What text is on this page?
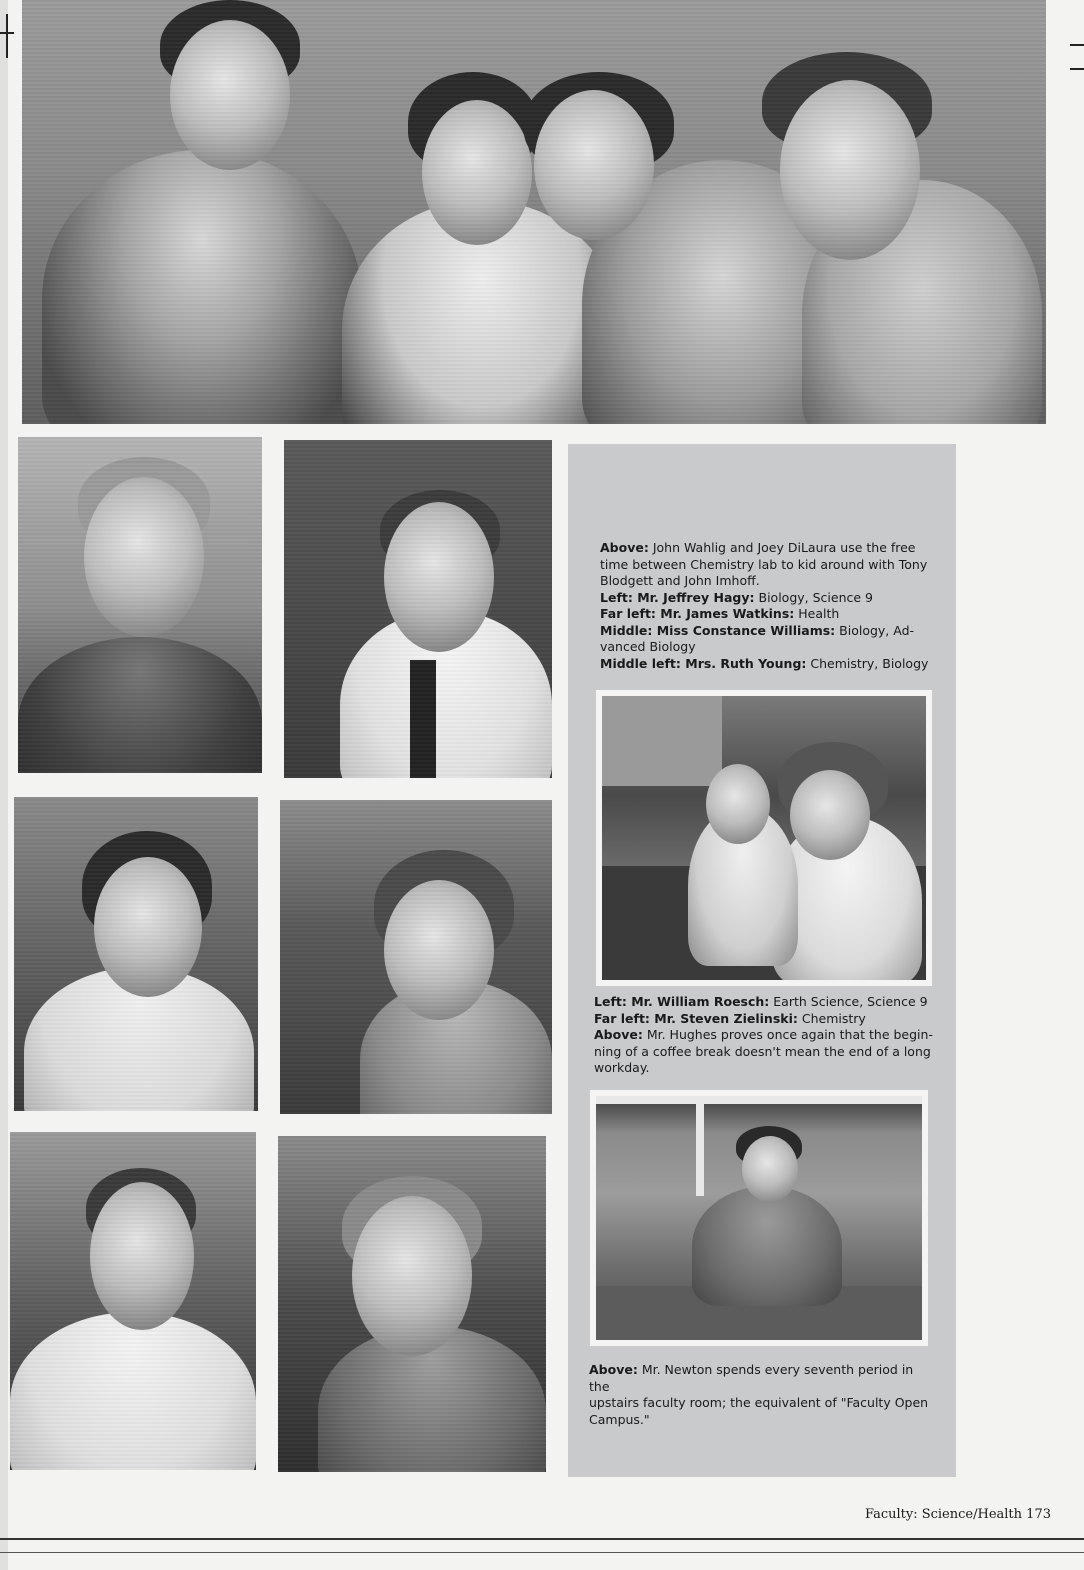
Above: John Wahlig and Joey DiLaura use the free
time between Chemistry lab to kid around with Tony
Blodgett and John Imhoff.
Left: Mr. Jeffrey Hagy: Biology, Science 9
Far left: Mr. James Watkins: Health
Middle: Miss Constance Williams: Biology, Ad-
vanced Biology
Middle left: Mrs. Ruth Young: Chemistry, Biology
Left: Mr. William Roesch: Earth Science, Science 9
Far left: Mr. Steven Zielinski: Chemistry
Above: Mr. Hughes proves once again that the begin-
ning of a coffee break doesn't mean the end of a long
workday.
Above: Mr. Newton spends every seventh period in the
upstairs faculty room; the equivalent of "Faculty Open
Campus."
Faculty: Science/Health 173
